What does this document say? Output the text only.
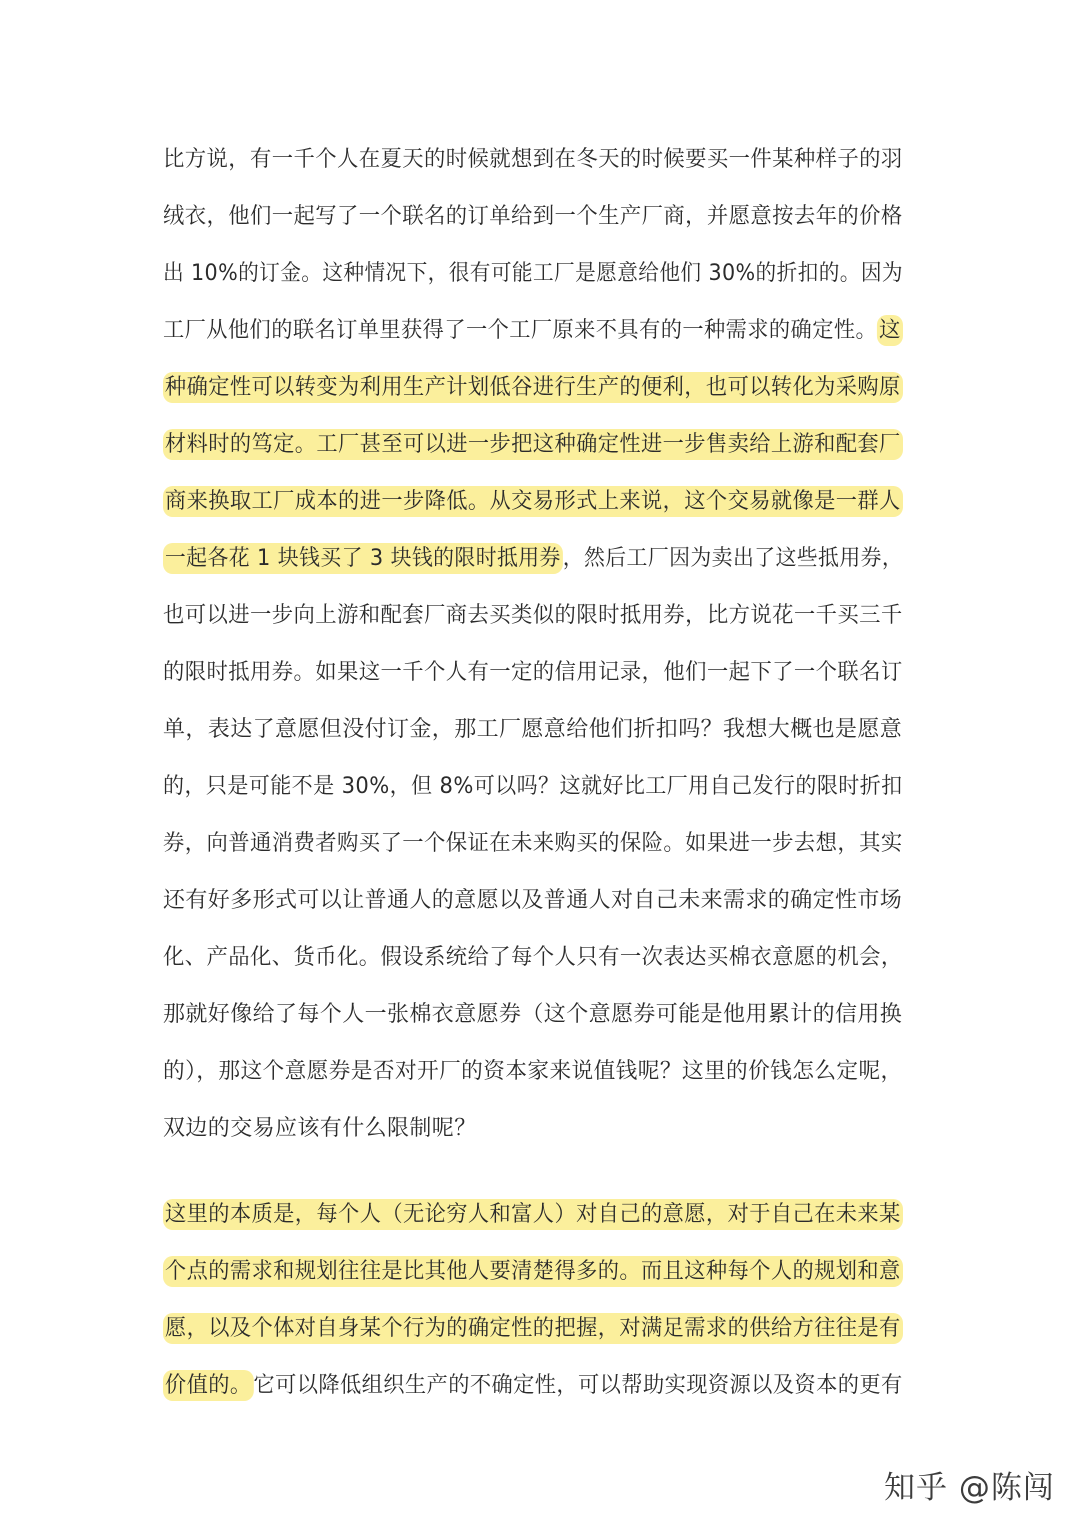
比方说，有一千个人在夏天的时候就想到在冬天的时候要买一件某种样子的羽
绒衣，他们一起写了一个联名的订单给到一个生产厂商，并愿意按去年的价格
出 10%的订金。这种情况下，很有可能工厂是愿意给他们 30%的折扣的。因为
工厂从他们的联名订单里获得了一个工厂原来不具有的一种需求的确定性。这
种确定性可以转变为利用生产计划低谷进行生产的便利，也可以转化为采购原
材料时的笃定。工厂甚至可以进一步把这种确定性进一步售卖给上游和配套厂
商来换取工厂成本的进一步降低。从交易形式上来说，这个交易就像是一群人
一起各花 1 块钱买了 3 块钱的限时抵用券，然后工厂因为卖出了这些抵用券，
也可以进一步向上游和配套厂商去买类似的限时抵用券，比方说花一千买三千
的限时抵用券。如果这一千个人有一定的信用记录，他们一起下了一个联名订
单，表达了意愿但没付订金，那工厂愿意给他们折扣吗？我想大概也是愿意
的，只是可能不是 30%，但 8%可以吗？这就好比工厂用自己发行的限时折扣
券，向普通消费者购买了一个保证在未来购买的保险。如果进一步去想，其实
还有好多形式可以让普通人的意愿以及普通人对自己未来需求的确定性市场
化、产品化、货币化。假设系统给了每个人只有一次表达买棉衣意愿的机会，
那就好像给了每个人一张棉衣意愿券（这个意愿券可能是他用累计的信用换
的），那这个意愿券是否对开厂的资本家来说值钱呢？这里的价钱怎么定呢，
双边的交易应该有什么限制呢？
这里的本质是，每个人（无论穷人和富人）对自己的意愿，对于自己在未来某
个点的需求和规划往往是比其他人要清楚得多的。而且这种每个人的规划和意
愿，以及个体对自身某个行为的确定性的把握，对满足需求的供给方往往是有
价值的。它可以降低组织生产的不确定性，可以帮助实现资源以及资本的更有
知乎 @陈闯
